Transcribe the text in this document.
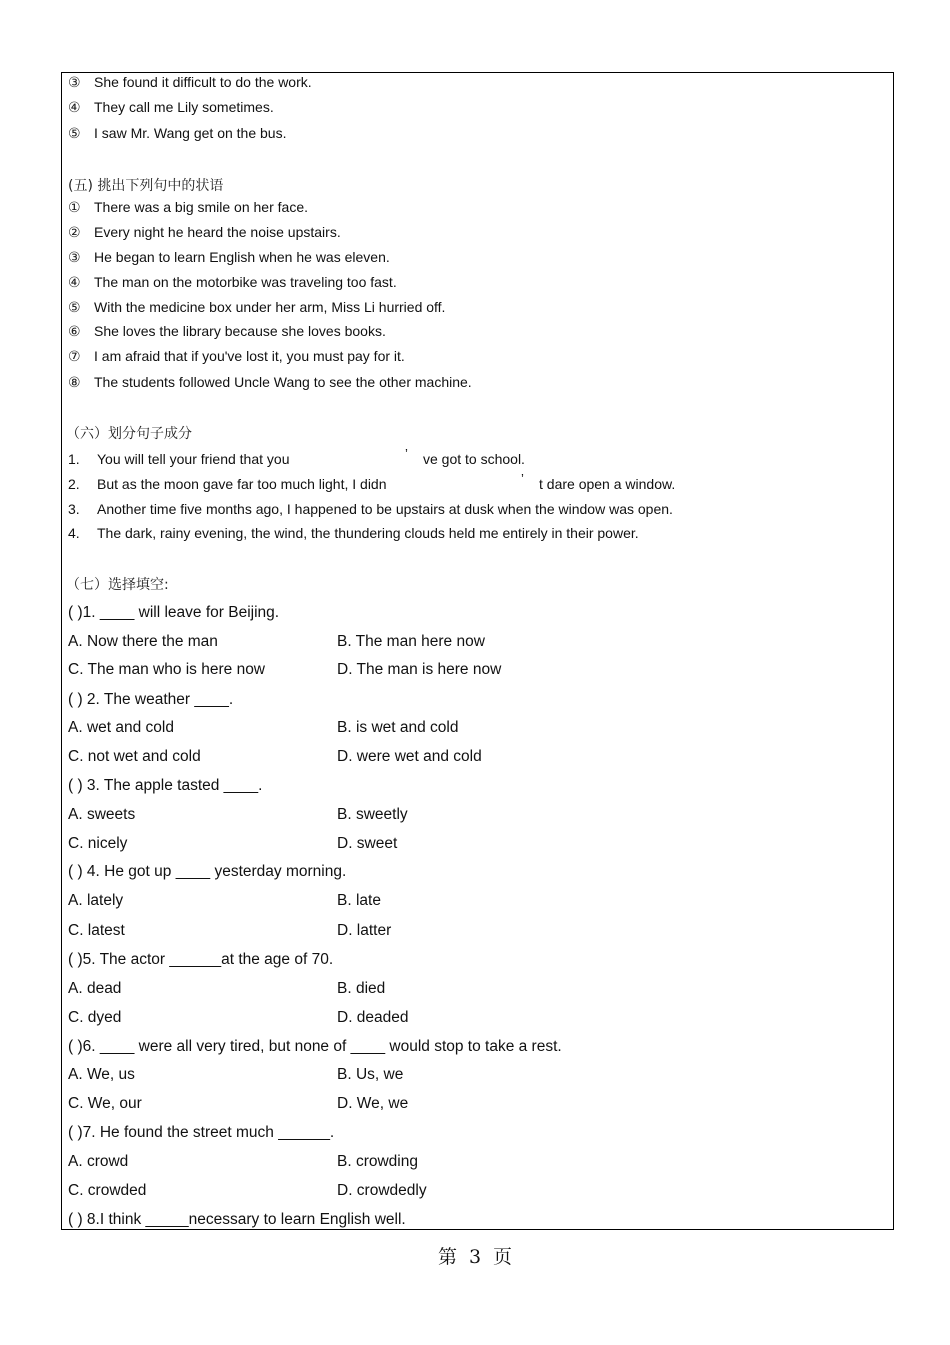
③ She found it difficult to do the work.
④ They call me Lily sometimes.
⑤ I saw Mr. Wang get on the bus.
(五) 挑出下列句中的状语
① There was a big smile on her face.
② Every night he heard the noise upstairs.
③ He began to learn English when he was eleven.
④ The man on the motorbike was traveling too fast.
⑤ With the medicine box under her arm, Miss Li hurried off.
⑥ She loves the library because she loves books.
⑦ I am afraid that if you've lost it, you must pay for it.
⑧ The students followed Uncle Wang to see the other machine.
（六）划分句子成分
1. You will tell your friend that you	’ ve got to school.
2. But as the moon gave far too much light, I didn	’ t dare open a window.
3. Another time five months ago, I happened to be upstairs at dusk when the window was open.
4. The dark, rainy evening, the wind, the thundering clouds held me entirely in their power.
（七）选择填空:
( )1. ____ will leave for Beijing.
A. Now there the man	B. The man here now
C. The man who is here now	D. The man is here now
( ) 2. The weather ____.
A. wet and cold	B. is wet and cold
C. not wet and cold	D. were wet and cold
( ) 3. The apple tasted ____.
A. sweets	B. sweetly
C. nicely	D. sweet
( ) 4. He got up ____ yesterday morning.
A. lately	B. late
C. latest	D. latter
( )5. The actor ______at the age of 70.
A. dead	B. died
C. dyed	D. deaded
( )6. ____ were all very tired, but none of ____ would stop to take a rest.
A. We, us	B. Us, we
C. We, our	D. We, we
( )7. He found the street much ______.
A. crowd	B. crowding
C. crowded	D. crowdedly
( ) 8.I think _____necessary to learn English well.
第 3 页
